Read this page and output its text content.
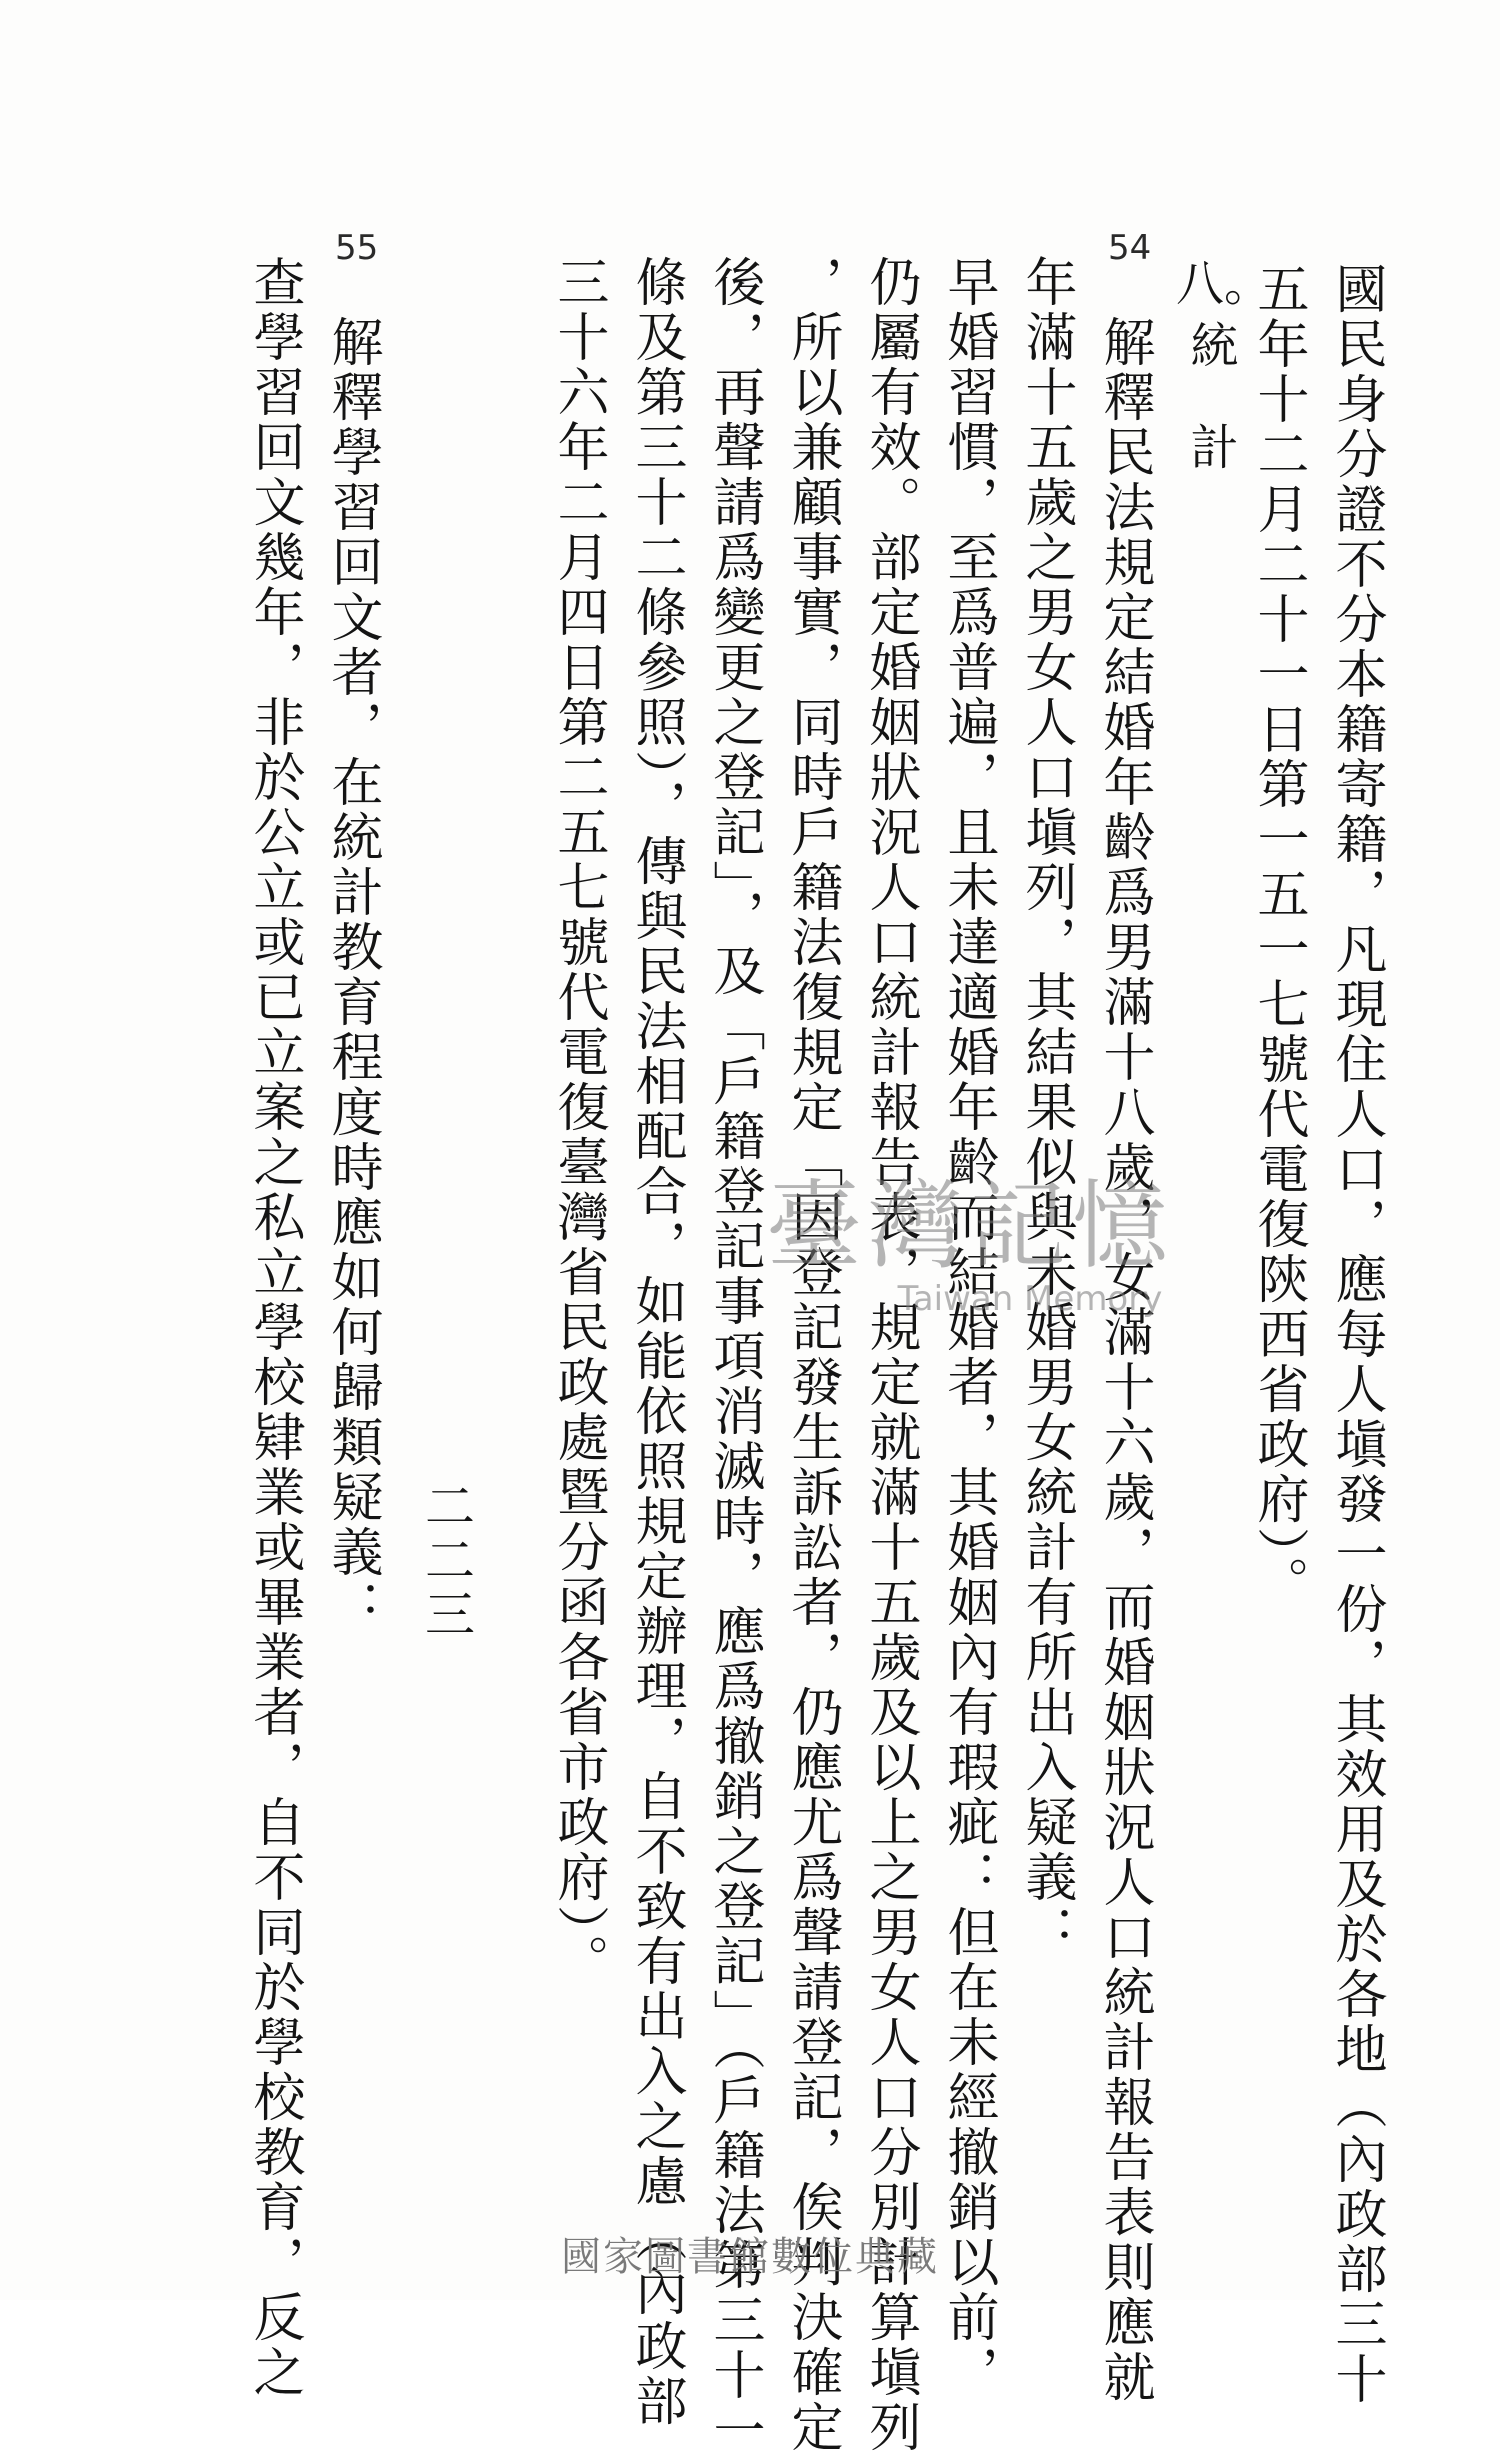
國民身分證不分本籍寄籍，凡現住人口，應每人塡發一份，其效用及於各地（內政部三十
五年十二月二十一日第一五一七號代電復陝西省政府）。
八。
統　計
54
解釋民法規定結婚年齡爲男滿十八歲，女滿十六歲，而婚姻狀況人口統計報告表則應就
年滿十五歲之男女人口塡列，其結果似與未婚男女統計有所出入疑義：
早婚習慣，至爲普遍，且未達適婚年齡而結婚者，其婚姻內有瑕疵：但在未經撤銷以前，
仍屬有效。部定婚姻狀況人口統計報告表，規定就滿十五歲及以上之男女人口分別計算塡列
，所以兼顧事實，同時戶籍法復規定「因登記發生訴訟者，仍應尤爲聲請登記，俟判決確定
後，再聲請爲變更之登記」，及「戶籍登記事項消滅時，應爲撤銷之登記」（戶籍法第三十一
條及第三十二條參照），傳與民法相配合，如能依照規定辦理，自不致有出入之慮（內政部
三十六年二月四日第二五七號代電復臺灣省民政處暨分函各省市政府）。
55
解釋學習回文者，在統計教育程度時應如何歸類疑義：
查學習回文幾年，非於公立或已立案之私立學校肄業或畢業者，自不同於學校教育，反之 二二三
臺灣記憶
Taiwan Memory
國家圖書館數位典藏
